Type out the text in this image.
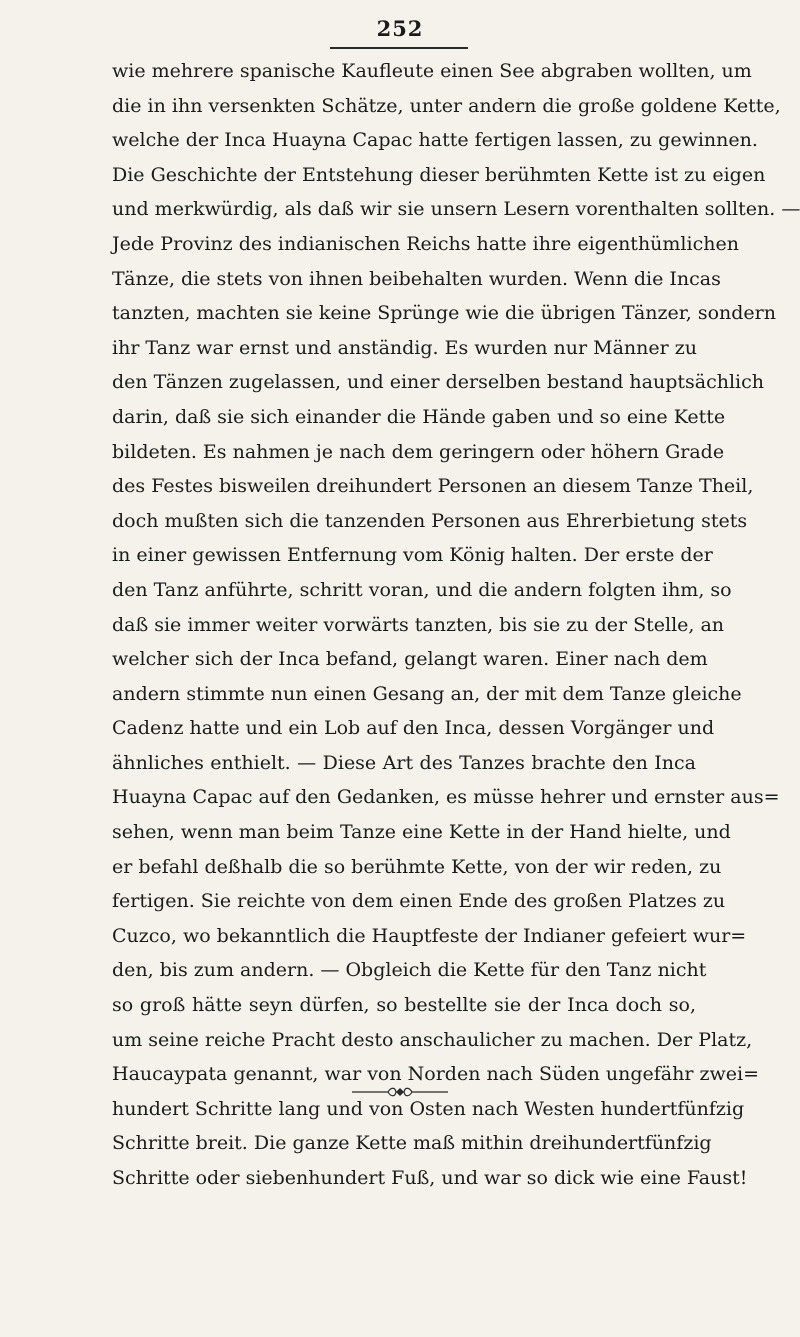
252
wie mehrere spanische Kaufleute einen See abgraben wollten, um
die in ihn versenkten Schätze, unter andern die große goldene Kette,
welche der Inca Huayna Capac hatte fertigen lassen, zu gewinnen.
Die Geschichte der Entstehung dieser berühmten Kette ist zu eigen
und merkwürdig, als daß wir sie unsern Lesern vorenthalten sollten. —
Jede Provinz des indianischen Reichs hatte ihre eigenthümlichen
Tänze, die stets von ihnen beibehalten wurden. Wenn die Incas
tanzten, machten sie keine Sprünge wie die übrigen Tänzer, sondern
ihr Tanz war ernst und anständig. Es wurden nur Männer zu
den Tänzen zugelassen, und einer derselben bestand hauptsächlich
darin, daß sie sich einander die Hände gaben und so eine Kette
bildeten. Es nahmen je nach dem geringern oder höhern Grade
des Festes bisweilen dreihundert Personen an diesem Tanze Theil,
doch mußten sich die tanzenden Personen aus Ehrerbietung stets
in einer gewissen Entfernung vom König halten. Der erste der
den Tanz anführte, schritt voran, und die andern folgten ihm, so
daß sie immer weiter vorwärts tanzten, bis sie zu der Stelle, an
welcher sich der Inca befand, gelangt waren. Einer nach dem
andern stimmte nun einen Gesang an, der mit dem Tanze gleiche
Cadenz hatte und ein Lob auf den Inca, dessen Vorgänger und
ähnliches enthielt. — Diese Art des Tanzes brachte den Inca
Huayna Capac auf den Gedanken, es müsse hehrer und ernster aus=
sehen, wenn man beim Tanze eine Kette in der Hand hielte, und
er befahl deßhalb die so berühmte Kette, von der wir reden, zu
fertigen. Sie reichte von dem einen Ende des großen Platzes zu
Cuzco, wo bekanntlich die Hauptfeste der Indianer gefeiert wur=
den, bis zum andern. — Obgleich die Kette für den Tanz nicht
so groß hätte seyn dürfen, so bestellte sie der Inca doch so,
um seine reiche Pracht desto anschaulicher zu machen. Der Platz,
Haucaypata genannt, war von Norden nach Süden ungefähr zwei=
hundert Schritte lang und von Osten nach Westen hundertfünfzig
Schritte breit. Die ganze Kette maß mithin dreihundertfünfzig
Schritte oder siebenhundert Fuß, und war so dick wie eine Faust!
